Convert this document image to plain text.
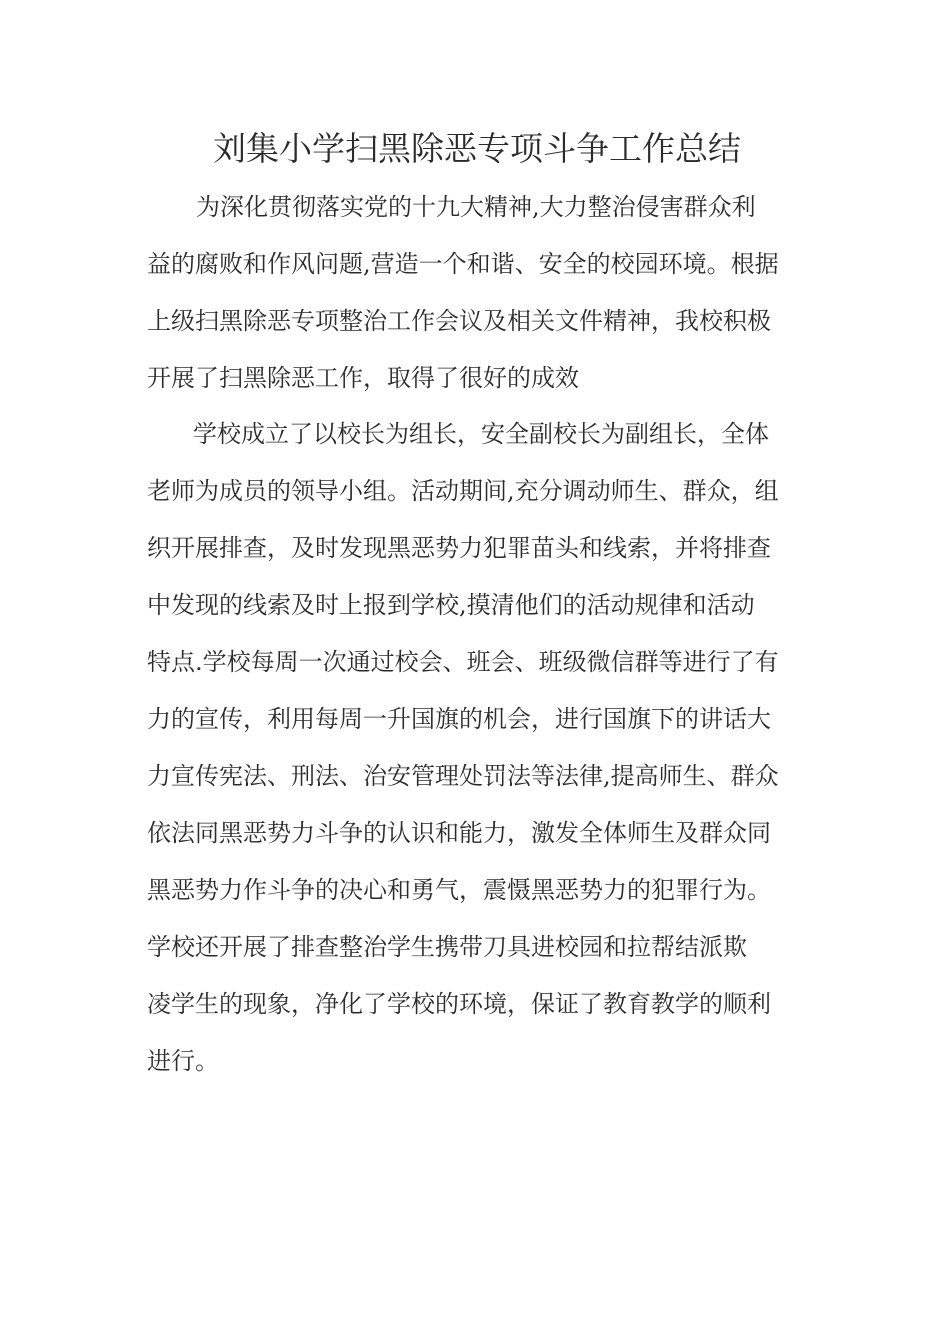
刘集小学扫黑除恶专项斗争工作总结
为深化贯彻落实党的十九大精神,大力整治侵害群众利
益的腐败和作风问题,营造一个和谐、安全的校园环境。根据
上级扫黑除恶专项整治工作会议及相关文件精神，我校积极
开展了扫黑除恶工作，取得了很好的成效
学校成立了以校长为组长，安全副校长为副组长，全体
老师为成员的领导小组。活动期间,充分调动师生、群众，组
织开展排查，及时发现黑恶势力犯罪苗头和线索，并将排查
中发现的线索及时上报到学校,摸清他们的活动规律和活动
特点.学校每周一次通过校会、班会、班级微信群等进行了有
力的宣传，利用每周一升国旗的机会，进行国旗下的讲话大
力宣传宪法、刑法、治安管理处罚法等法律,提高师生、群众
依法同黑恶势力斗争的认识和能力，激发全体师生及群众同
黑恶势力作斗争的决心和勇气，震慑黑恶势力的犯罪行为。
学校还开展了排查整治学生携带刀具进校园和拉帮结派欺
凌学生的现象，净化了学校的环境，保证了教育教学的顺利
进行。
